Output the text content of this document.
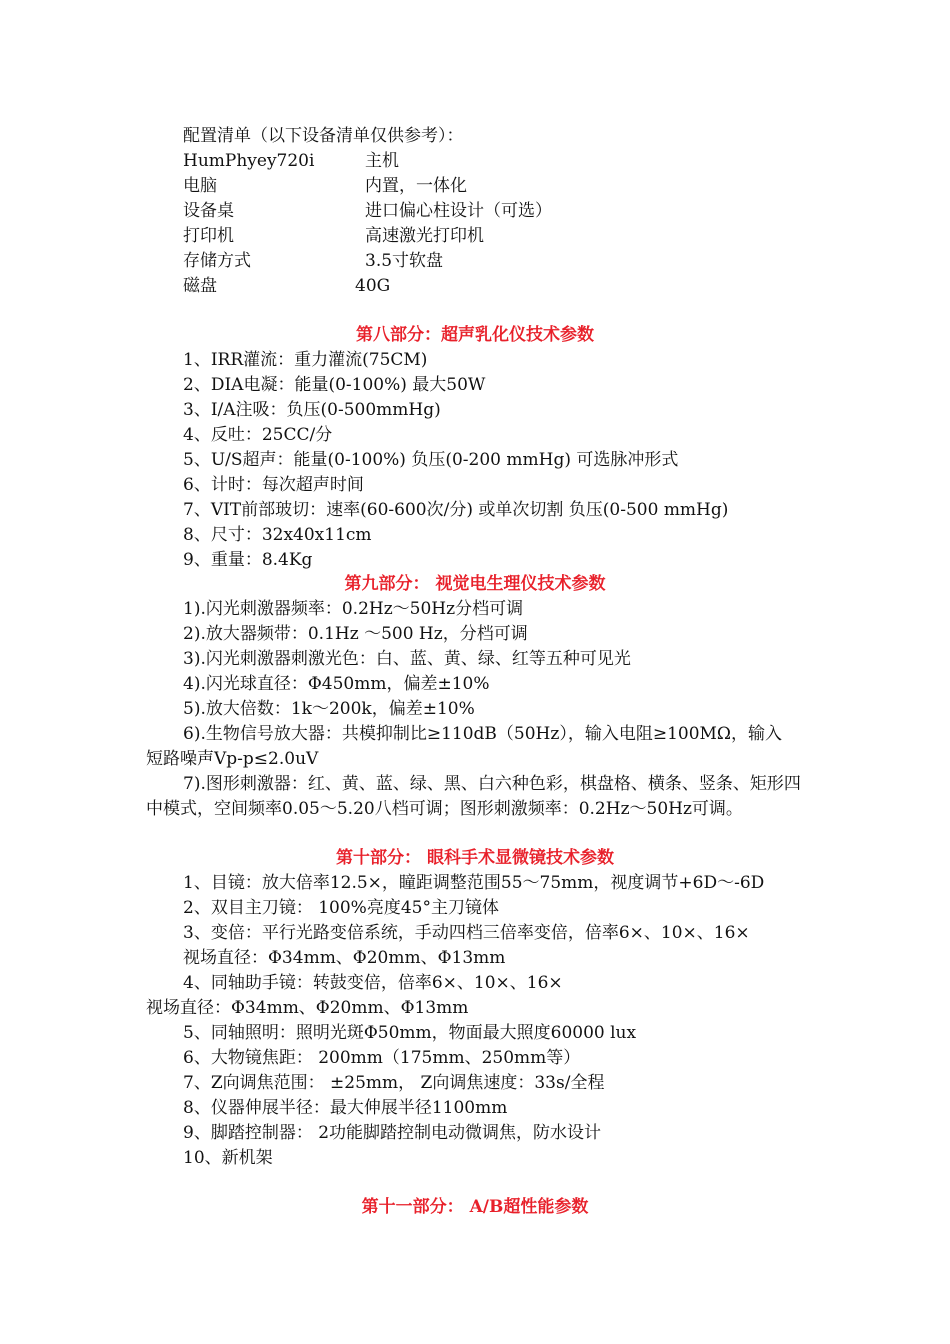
配置清单（以下设备清单仅供参考）：
HumPhyey720i	主机
电脑	内置，一体化
设备桌	进口偏心柱设计（可选）
打印机	高速激光打印机
存储方式	3.5寸软盘
磁盘	40G
第八部分：超声乳化仪技术参数
1、IRR灌流：重力灌流(75CM)
2、DIA电凝：能量(0-100%) 最大50W
3、I/A注吸：负压(0-500mmHg)
4、反吐：25CC/分
5、U/S超声：能量(0-100%) 负压(0-200 mmHg) 可选脉冲形式
6、计时：每次超声时间
7、VIT前部玻切：速率(60-600次/分) 或单次切割 负压(0-500 mmHg)
8、尺寸：32x40x11cm
9、重量：8.4Kg
第九部分： 视觉电生理仪技术参数
1).闪光刺激器频率：0.2Hz～50Hz分档可调
2).放大器频带：0.1Hz ～500 Hz，分档可调
3).闪光刺激器刺激光色：白、蓝、黄、绿、红等五种可见光
4).闪光球直径：Φ450mm，偏差±10%
5).放大倍数：1k～200k，偏差±10%
6).生物信号放大器：共模抑制比≥110dB（50Hz），输入电阻≥100MΩ，输入
短路噪声Vp-p≤2.0uV
7).图形刺激器：红、黄、蓝、绿、黑、白六种色彩，棋盘格、横条、竖条、矩形四
中模式，空间频率0.05～5.20八档可调；图形刺激频率：0.2Hz～50Hz可调。
第十部分： 眼科手术显微镜技术参数
1、目镜：放大倍率12.5×，瞳距调整范围55～75mm，视度调节+6D～-6D
2、双目主刀镜： 100%亮度45°主刀镜体
3、变倍：平行光路变倍系统，手动四档三倍率变倍，倍率6×、10×、16×
视场直径：Φ34mm、Φ20mm、Φ13mm
4、同轴助手镜：转鼓变倍，倍率6×、10×、16×
视场直径：Φ34mm、Φ20mm、Φ13mm
5、同轴照明：照明光斑Φ50mm，物面最大照度60000 lux
6、大物镜焦距： 200mm（175mm、250mm等）
7、Z向调焦范围： ±25mm， Z向调焦速度：33s/全程
8、仪器伸展半径：最大伸展半径1100mm
9、脚踏控制器： 2功能脚踏控制电动微调焦，防水设计
10、新机架
第十一部分： A/B超性能参数
